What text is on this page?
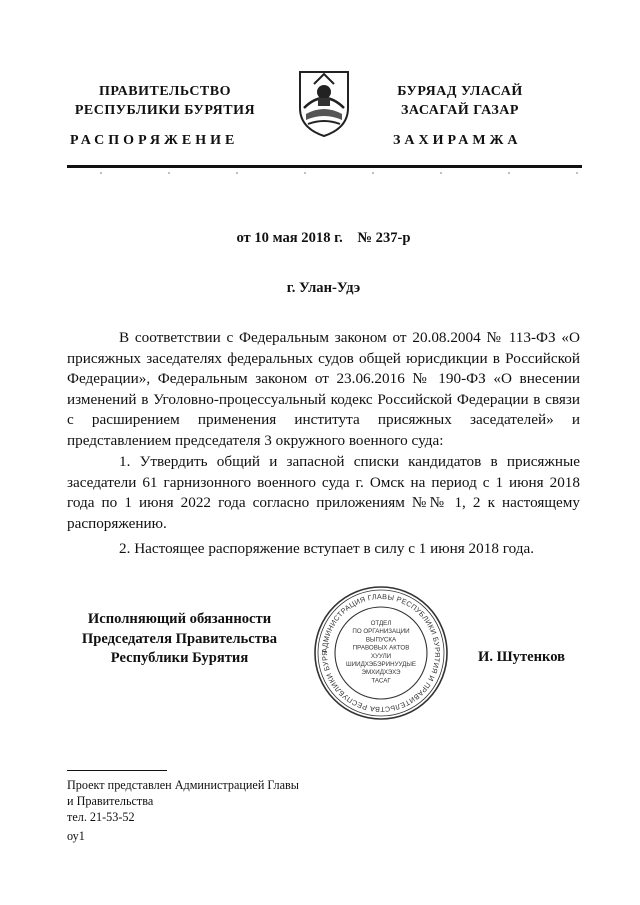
ПРАВИТЕЛЬСТВО
РЕСПУБЛИКИ БУРЯТИЯ
БУРЯАД УЛАСАЙ
ЗАСАГАЙ ГАЗАР
РАСПОРЯЖЕНИЕ	ЗАХИРАМЖА
от 10 мая 2018 г.    № 237-р
г. Улан-Удэ

В соответствии с Федеральным законом от 20.08.2004 № 113-ФЗ «О присяжных заседателях федеральных судов общей юрисдикции в Российской Федерации», Федеральным законом от 23.06.2016 № 190-ФЗ «О внесении изменений в Уголовно-процессуальный кодекс Российской Федерации в связи с расширением применения института присяжных заседателей» и представлением председателя 3 окружного военного суда:

1. Утвердить общий и запасной списки кандидатов в присяжные заседатели 61 гарнизонного военного суда г. Омск на период с 1 июня 2018 года по 1 июня 2022 года согласно приложениям №№ 1, 2 к настоящему распоряжению.

2. Настоящее распоряжение вступает в силу с 1 июня 2018 года.

Исполняющий обязанности
Председателя Правительства
Республики Бурятия	И. Шутенков
АДМИНИСТРАЦИЯ ГЛАВЫ РЕСПУБЛИКИ БУРЯТИЯ И ПРАВИТЕЛЬСТВА РЕСПУБЛИКИ БУРЯ
ОТДЕЛ
ПО ОРГАНИЗАЦИИ
ВЫПУСКА
ПРАВОВЫХ АКТОВ
ХУУЛИ
ШИИДХЭБЭРИНУУДЫЕ
ЭМХИДХЭХЭ
ТАСАГ
Проект представлен Администрацией Главы
и Правительства
тел. 21-53-52
оу1
